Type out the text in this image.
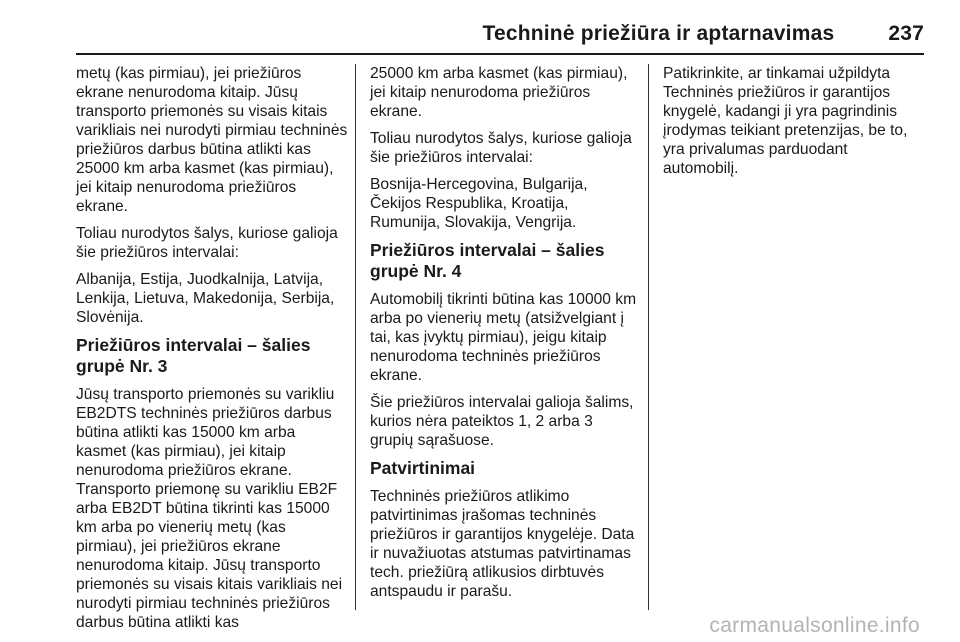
Techninė priežiūra ir aptarnavimas	237

metų (kas pirmiau), jei priežiūros ekrane nenurodoma kitaip. Jūsų transporto priemonės su visais kitais varikliais nei nurodyti pirmiau techninės priežiūros darbus būtina atlikti kas 25000 km arba kasmet (kas pirmiau), jei kitaip nenurodoma priežiūros ekrane.

Toliau nurodytos šalys, kuriose galioja šie priežiūros intervalai:

Albanija, Estija, Juodkalnija, Latvija, Lenkija, Lietuva, Makedonija, Serbija, Slovėnija.

Priežiūros intervalai – šalies grupė Nr. 3

Jūsų transporto priemonės su varikliu EB2DTS techninės priežiūros darbus būtina atlikti kas 15000 km arba kasmet (kas pirmiau), jei kitaip nenurodoma priežiūros ekrane. Transporto priemonę su varikliu EB2F arba EB2DT būtina tikrinti kas 15000 km arba po vienerių metų (kas pirmiau), jei priežiūros ekrane nenurodoma kitaip. Jūsų transporto priemonės su visais kitais varikliais nei nurodyti pirmiau techninės priežiūros darbus būtina atlikti kas

25000 km arba kasmet (kas pirmiau), jei kitaip nenurodoma priežiūros ekrane.

Toliau nurodytos šalys, kuriose galioja šie priežiūros intervalai:

Bosnija-Hercegovina, Bulgarija, Čekijos Respublika, Kroatija, Rumunija, Slovakija, Vengrija.

Priežiūros intervalai – šalies grupė Nr. 4

Automobilį tikrinti būtina kas 10000 km arba po vienerių metų (atsižvelgiant į tai, kas įvyktų pirmiau), jeigu kitaip nenurodoma techninės priežiūros ekrane.

Šie priežiūros intervalai galioja šalims, kurios nėra pateiktos 1, 2 arba 3 grupių sąrašuose.

Patvirtinimai

Techninės priežiūros atlikimo patvirtinimas įrašomas techninės priežiūros ir garantijos knygelėje. Data ir nuvažiuotas atstumas patvirtinamas tech. priežiūrą atlikusios dirbtuvės antspaudu ir parašu.

Patikrinkite, ar tinkamai užpildyta Techninės priežiūros ir garantijos knygelė, kadangi ji yra pagrindinis įrodymas teikiant pretenzijas, be to, yra privalumas parduodant automobilį.

carmanualsonline.info
